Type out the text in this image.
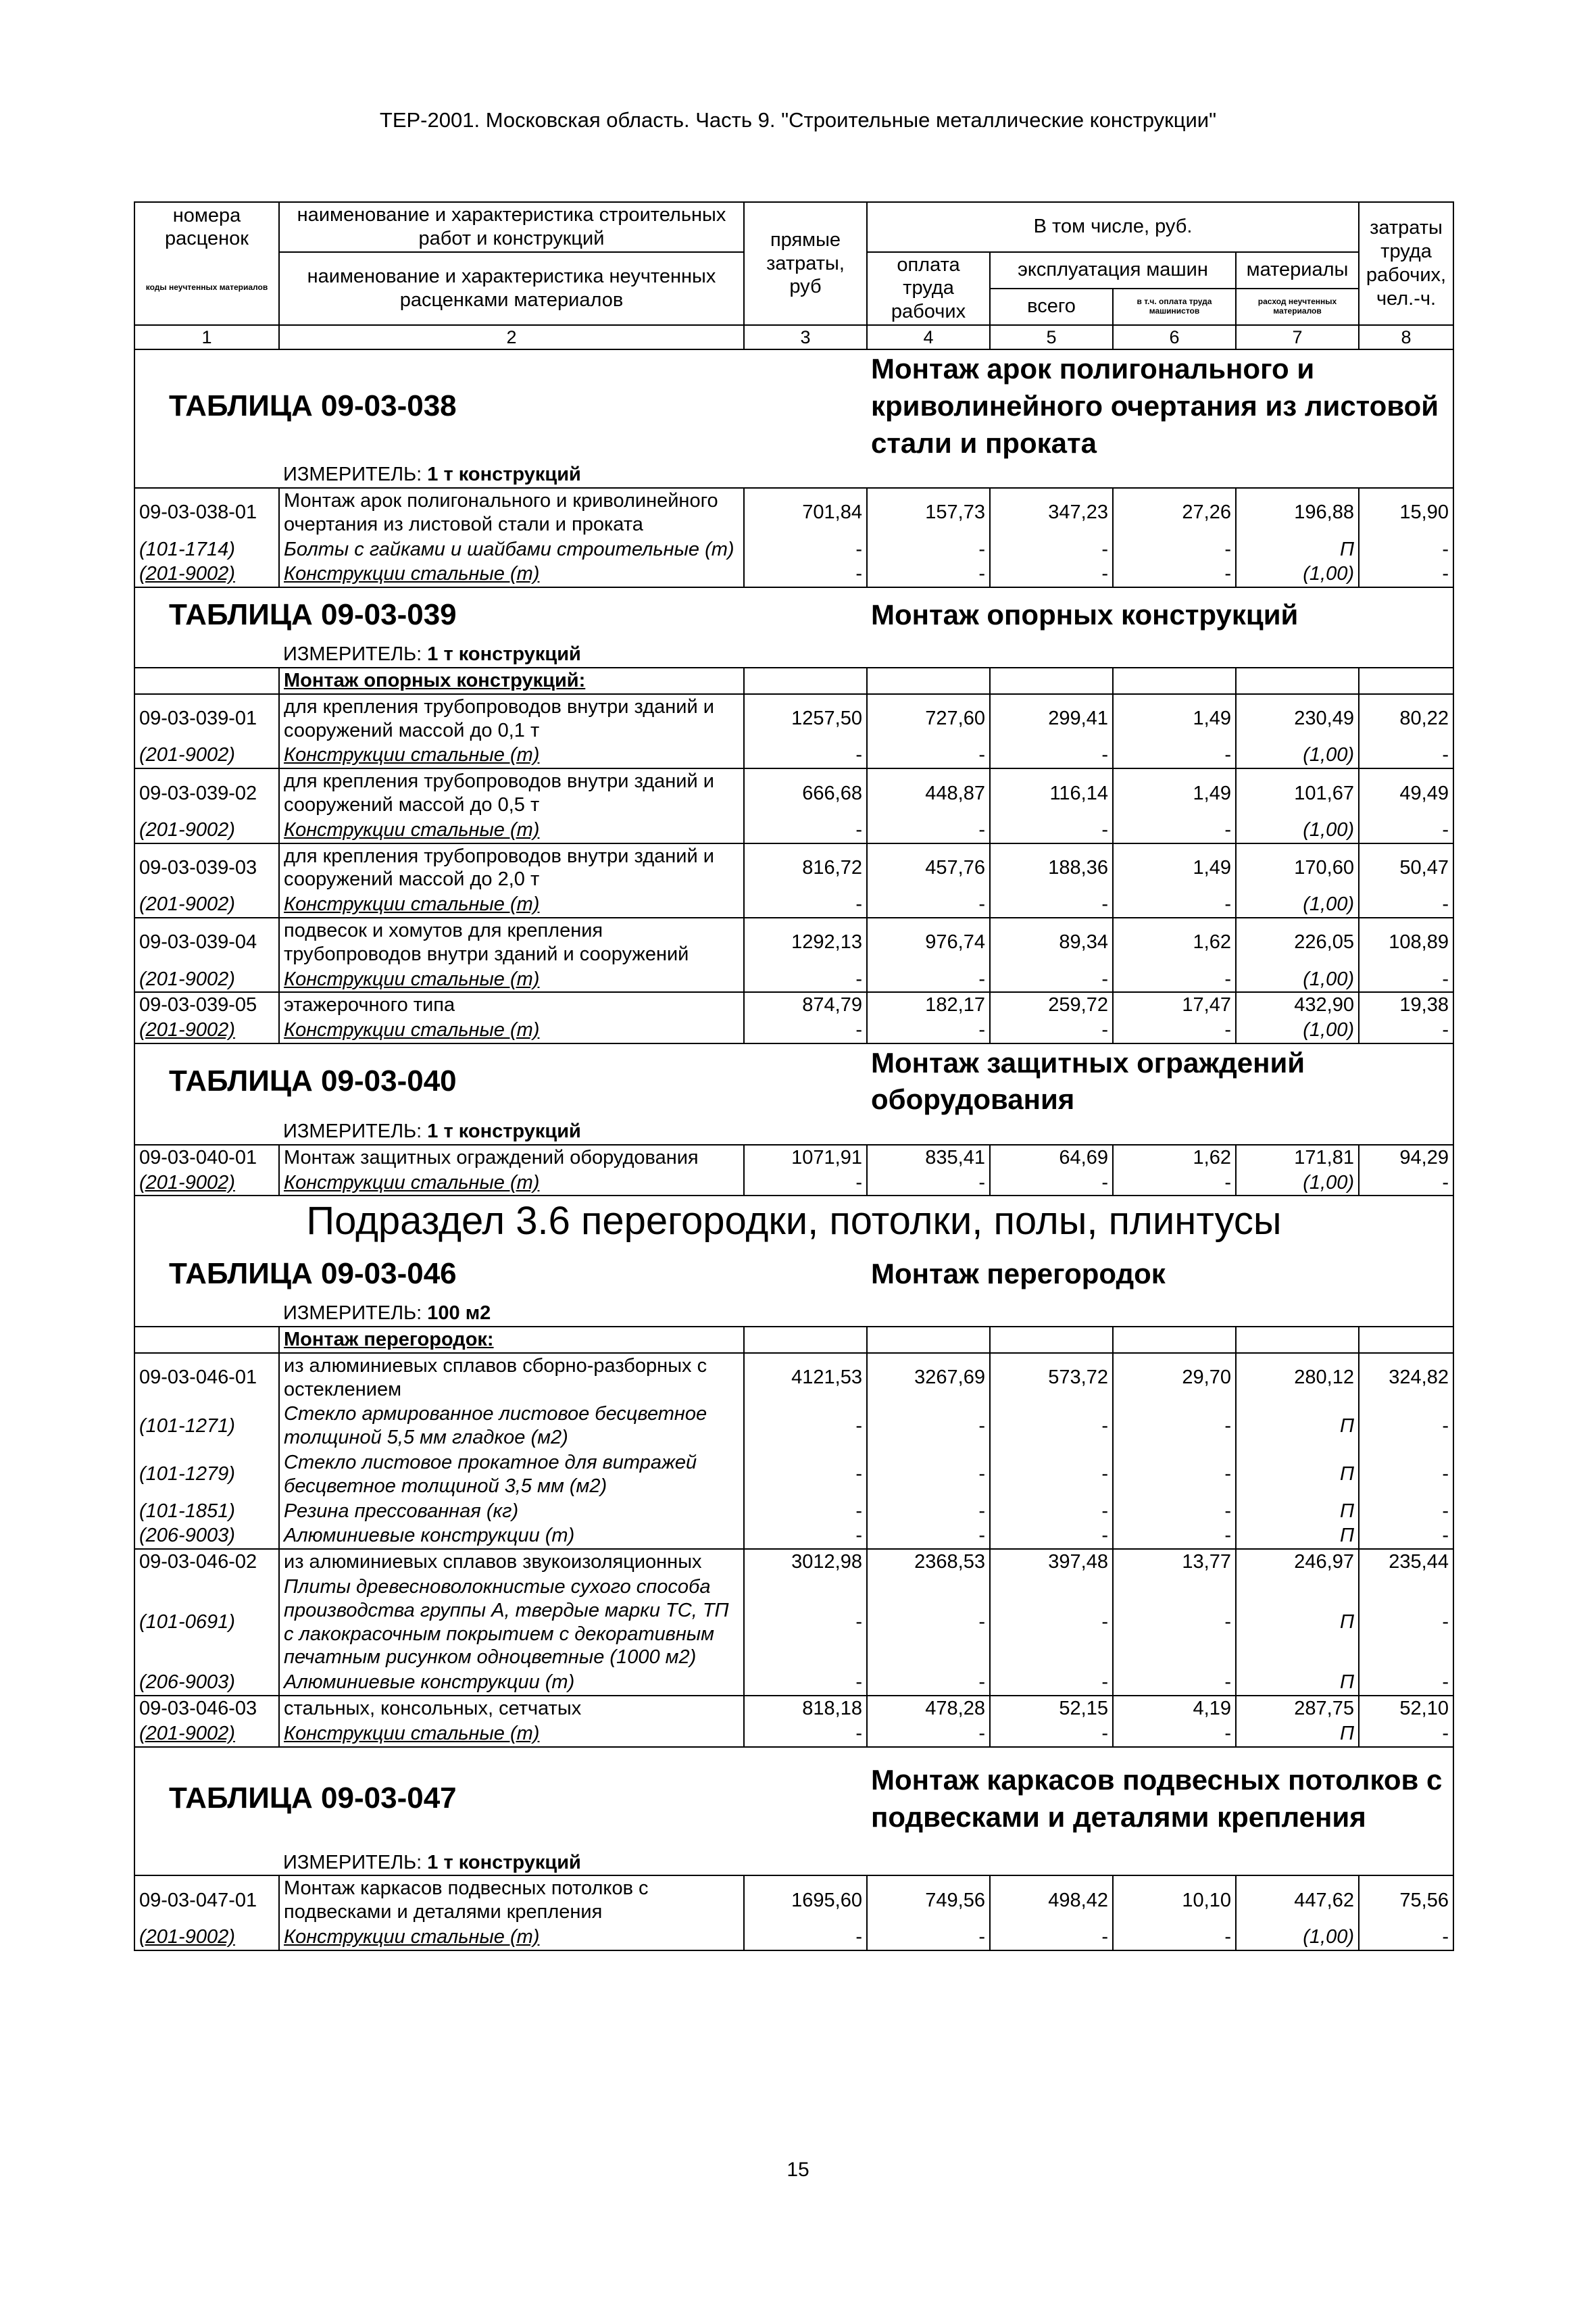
ТЕР-2001. Московская область. Часть 9. "Строительные металлические конструкции"
номера расценок	наименование и характеристика строительных работ и конструкций	прямые затраты, руб	В том числе, руб.				затраты труда рабочих, чел.-ч.

коды неучтенных материалов	наименование и характеристика неучтенных расценками материалов		оплата труда рабочих	эксплуатация машин		материалы	
				всего	в т.ч. оплата труда машинистов	расход неучтенных материалов	

1	2	3	4	5	6	7	8
ТАБЛИЦА 09-03-038			Монтаж арок полигонального и криволинейного очертания из листовой стали и проката				
	ИЗМЕРИТЕЛЬ: 1 т конструкций						
09-03-038-01	Монтаж арок полигонального и криволинейного очертания из листовой стали и проката	701,84	157,73	347,23	27,26	196,88	15,90
(101-1714)	Болты с гайками и шайбами строительные (т)	-	-	-	-	П	-
(201-9002)	Конструкции стальные (т)	-	-	-	-	(1,00)	-
ТАБЛИЦА 09-03-039			Монтаж опорных конструкций				
	ИЗМЕРИТЕЛЬ: 1 т конструкций						
	Монтаж опорных конструкций:						
09-03-039-01	для крепления трубопроводов внутри зданий и сооружений массой до 0,1 т	1257,50	727,60	299,41	1,49	230,49	80,22
(201-9002)	Конструкции стальные (т)	-	-	-	-	(1,00)	-
09-03-039-02	для крепления трубопроводов внутри зданий и сооружений массой до 0,5 т	666,68	448,87	116,14	1,49	101,67	49,49
(201-9002)	Конструкции стальные (т)	-	-	-	-	(1,00)	-
09-03-039-03	для крепления трубопроводов внутри зданий и сооружений массой до 2,0 т	816,72	457,76	188,36	1,49	170,60	50,47
(201-9002)	Конструкции стальные (т)	-	-	-	-	(1,00)	-
09-03-039-04	подвесок и хомутов для крепления трубопроводов внутри зданий и сооружений	1292,13	976,74	89,34	1,62	226,05	108,89
(201-9002)	Конструкции стальные (т)	-	-	-	-	(1,00)	-
09-03-039-05	этажерочного типа	874,79	182,17	259,72	17,47	432,90	19,38
(201-9002)	Конструкции стальные (т)	-	-	-	-	(1,00)	-
ТАБЛИЦА 09-03-040			Монтаж защитных ограждений оборудования				
	ИЗМЕРИТЕЛЬ: 1 т конструкций						
09-03-040-01	Монтаж защитных ограждений оборудования	1071,91	835,41	64,69	1,62	171,81	94,29
(201-9002)	Конструкции стальные (т)	-	-	-	-	(1,00)	-
Подраздел 3.6 перегородки, потолки, полы, плинтусы							
ТАБЛИЦА 09-03-046			Монтаж перегородок				
	ИЗМЕРИТЕЛЬ: 100 м2						
	Монтаж перегородок:						
09-03-046-01	из алюминиевых сплавов сборно-разборных с остеклением	4121,53	3267,69	573,72	29,70	280,12	324,82
(101-1271)	Стекло армированное листовое бесцветное толщиной 5,5 мм гладкое (м2)	-	-	-	-	П	-
(101-1279)	Стекло листовое прокатное для витражей бесцветное толщиной 3,5 мм (м2)	-	-	-	-	П	-
(101-1851)	Резина прессованная (кг)	-	-	-	-	П	-
(206-9003)	Алюминиевые конструкции (т)	-	-	-	-	П	-
09-03-046-02	из алюминиевых сплавов звукоизоляционных	3012,98	2368,53	397,48	13,77	246,97	235,44
(101-0691)	Плиты древесноволокнистые сухого способа производства группы А, твердые марки ТС, ТП с лакокрасочным покрытием с декоративным печатным рисунком одноцветные (1000 м2)	-	-	-	-	П	-
(206-9003)	Алюминиевые конструкции (т)	-	-	-	-	П	-
09-03-046-03	стальных, консольных, сетчатых	818,18	478,28	52,15	4,19	287,75	52,10
(201-9002)	Конструкции стальные (т)	-	-	-	-	П	-
ТАБЛИЦА 09-03-047			Монтаж каркасов подвесных потолков с подвесками и деталями крепления				
	ИЗМЕРИТЕЛЬ: 1 т конструкций						
09-03-047-01	Монтаж каркасов подвесных потолков с подвесками и деталями крепления	1695,60	749,56	498,42	10,10	447,62	75,56
(201-9002)	Конструкции стальные (т)	-	-	-	-	(1,00)	-
15
